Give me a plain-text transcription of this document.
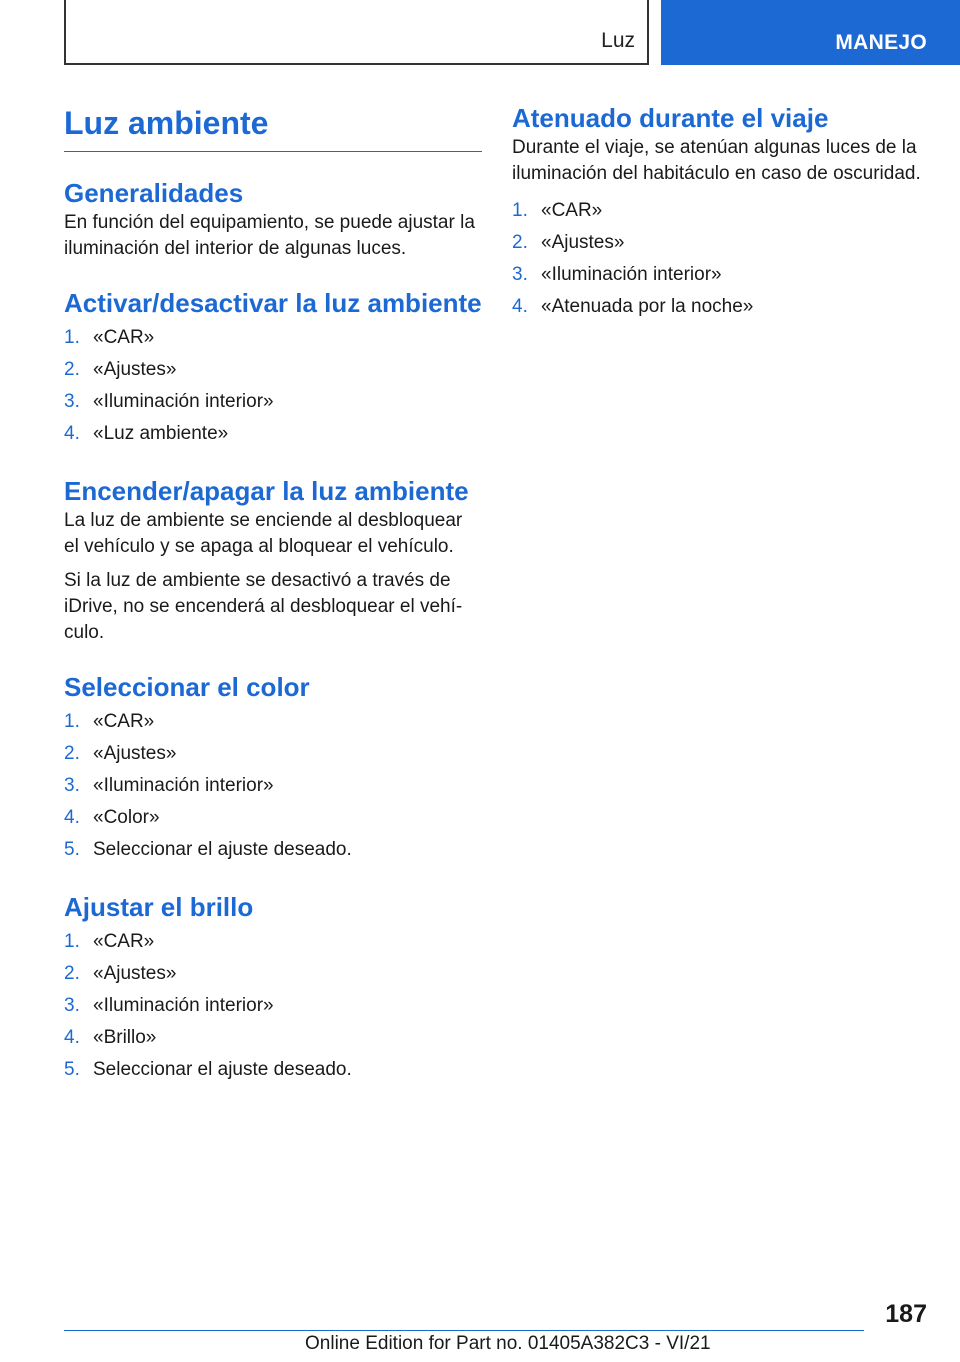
Luz	MANEJO
Luz ambiente
Generalidades

En función del equipamiento, se puede ajustar la iluminación del interior de algunas luces.

Activar/desactivar la luz ambiente
1. «CAR»
2. «Ajustes»
3. «Iluminación interior»
4. «Luz ambiente»
Encender/apagar la luz ambiente

La luz de ambiente se enciende al desbloquear el vehículo y se apaga al bloquear el vehículo.

Si la luz de ambiente se desactivó a través de iDrive, no se encenderá al desbloquear el vehí‐culo.

Seleccionar el color
1. «CAR»
2. «Ajustes»
3. «Iluminación interior»
4. «Color»
5. Seleccionar el ajuste deseado.
Ajustar el brillo
1. «CAR»
2. «Ajustes»
3. «Iluminación interior»
4. «Brillo»
5. Seleccionar el ajuste deseado.
Atenuado durante el viaje

Durante el viaje, se atenúan algunas luces de la iluminación del habitáculo en caso de oscuridad.

1. «CAR»
2. «Ajustes»
3. «Iluminación interior»
4. «Atenuada por la noche»
187
Online Edition for Part no. 01405A382C3 - VI/21
